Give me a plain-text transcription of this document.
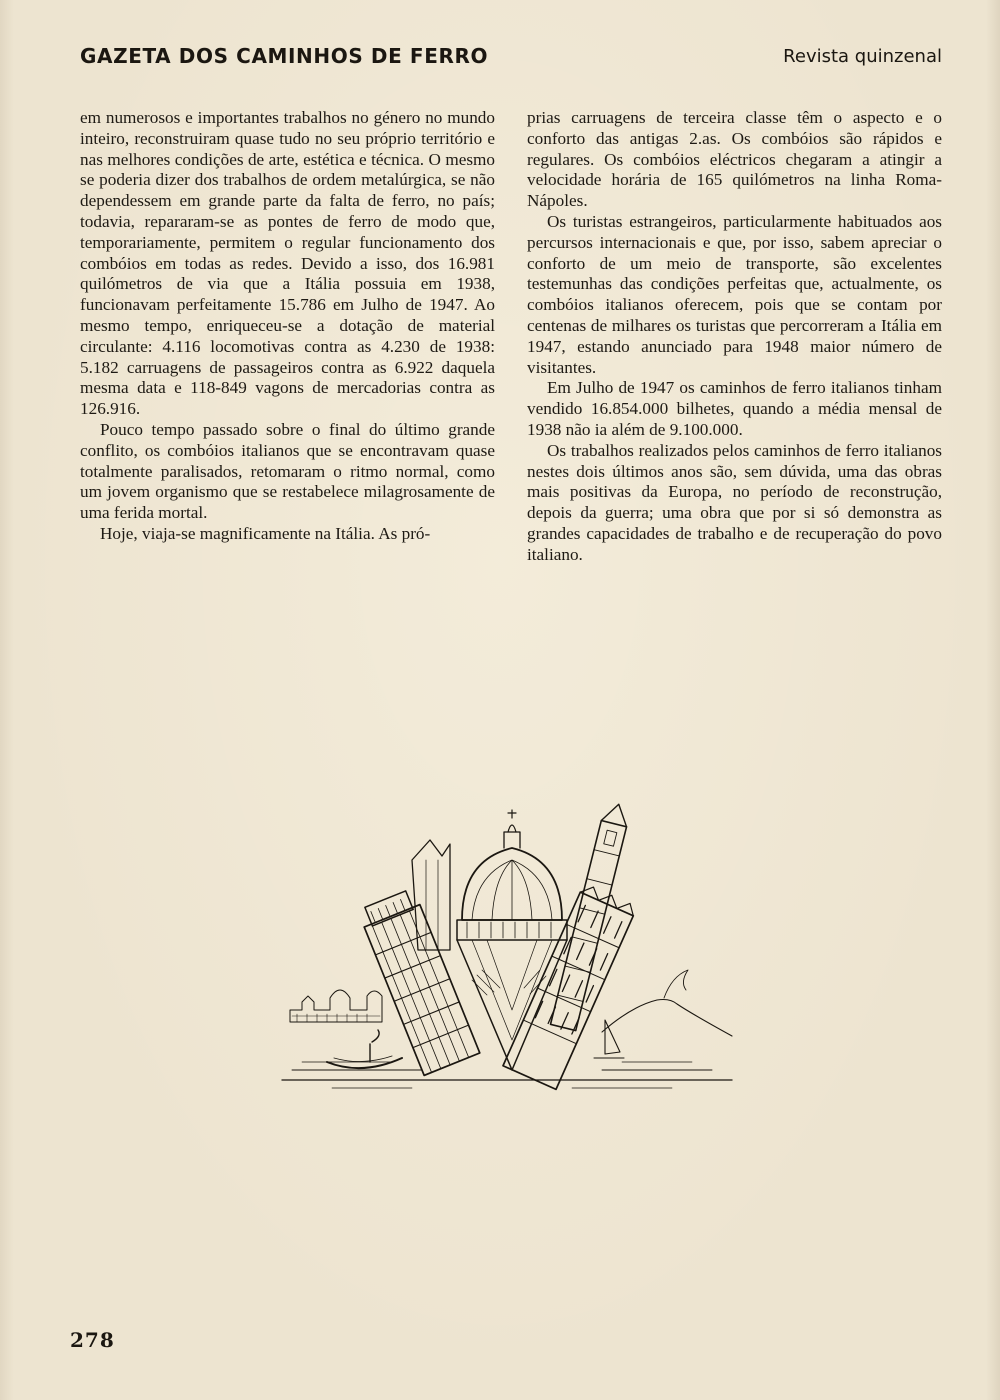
GAZETA DOS CAMINHOS DE FERRO	Revista quinzenal

em numerosos e importantes trabalhos no género no mundo inteiro, reconstruiram quase tudo no seu próprio território e nas melhores condições de arte, estética e técnica. O mesmo se poderia dizer dos trabalhos de ordem metalúrgica, se não dependessem em grande parte da falta de ferro, no país; todavia, repararam-se as pontes de ferro de modo que, temporariamente, permitem o regular funcionamento dos combóios em todas as redes. Devido a isso, dos 16.981 quilómetros de via que a Itália possuia em 1938, funcionavam perfeitamente 15.786 em Julho de 1947. Ao mesmo tempo, enriqueceu-se a dotação de material circulante: 4.116 locomotivas contra as 4.230 de 1938: 5.182 carruagens de passageiros contra as 6.922 daquela mesma data e 118-849 vagons de mercadorias contra as 126.916.

Pouco tempo passado sobre o final do último grande conflito, os combóios italianos que se encontravam quase totalmente paralisados, retomaram o ritmo normal, como um jovem organismo que se restabelece milagrosamente de uma ferida mortal.

Hoje, viaja-se magnificamente na Itália. As pró-

prias carruagens de terceira classe têm o aspecto e o conforto das antigas 2.as. Os combóios são rápidos e regulares. Os combóios eléctricos chegaram a atingir a velocidade horária de 165 quilómetros na linha Roma-Nápoles.

Os turistas estrangeiros, particularmente habituados aos percursos internacionais e que, por isso, sabem apreciar o conforto de um meio de transporte, são excelentes testemunhas das condições perfeitas que, actualmente, os combóios italianos oferecem, pois que se contam por centenas de milhares os turistas que percorreram a Itália em 1947, estando anunciado para 1948 maior número de visitantes.

Em Julho de 1947 os caminhos de ferro italianos tinham vendido 16.854.000 bilhetes, quando a média mensal de 1938 não ia além de 9.100.000.

Os trabalhos realizados pelos caminhos de ferro italianos nestes dois últimos anos são, sem dúvida, uma das obras mais positivas da Europa, no período de reconstrução, depois da guerra; uma obra que por si só demonstra as grandes capacidades de trabalho e de recuperação do povo italiano.

278
